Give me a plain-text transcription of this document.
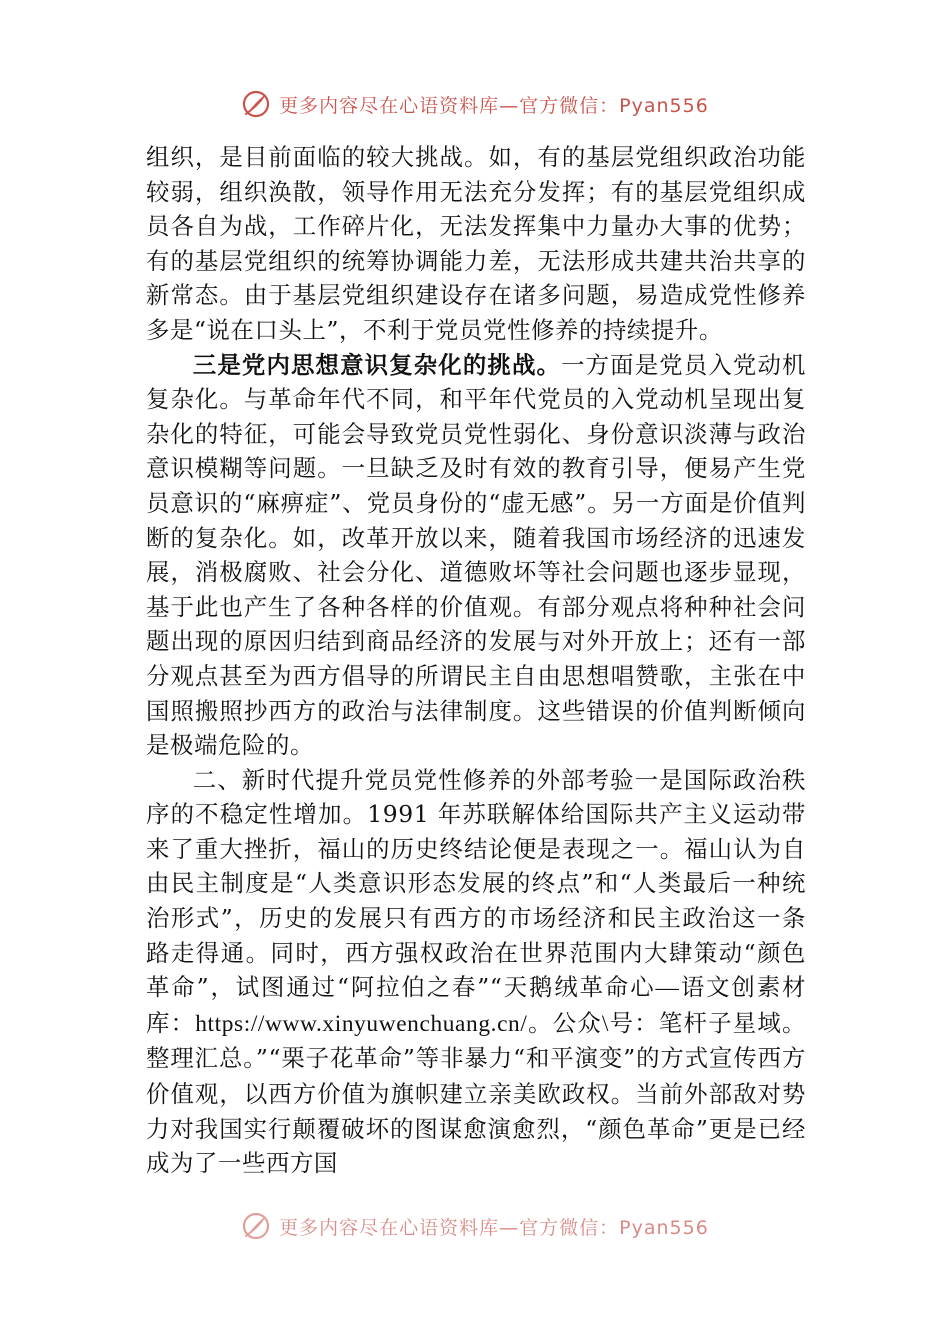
更多内容尽在心语资料库—官方微信：Pyan556

组织，是目前面临的较大挑战。如，有的基层党组织政治功能较弱，组织涣散，领导作用无法充分发挥；有的基层党组织成员各自为战，工作碎片化，无法发挥集中力量办大事的优势；有的基层党组织的统筹协调能力差，无法形成共建共治共享的新常态。由于基层党组织建设存在诸多问题，易造成党性修养多是“说在口头上”，不利于党员党性修养的持续提升。

三是党内思想意识复杂化的挑战。一方面是党员入党动机复杂化。与革命年代不同，和平年代党员的入党动机呈现出复杂化的特征，可能会导致党员党性弱化、身份意识淡薄与政治意识模糊等问题。一旦缺乏及时有效的教育引导，便易产生党员意识的“麻痹症”、党员身份的“虚无感”。另一方面是价值判断的复杂化。如，改革开放以来，随着我国市场经济的迅速发展，消极腐败、社会分化、道德败坏等社会问题也逐步显现，基于此也产生了各种各样的价值观。有部分观点将种种社会问题出现的原因归结到商品经济的发展与对外开放上；还有一部分观点甚至为西方倡导的所谓民主自由思想唱赞歌，主张在中国照搬照抄西方的政治与法律制度。这些错误的价值判断倾向是极端危险的。

二、新时代提升党员党性修养的外部考验一是国际政治秩序的不稳定性增加。1991 年苏联解体给国际共产主义运动带来了重大挫折，福山的历史终结论便是表现之一。福山认为自由民主制度是“人类意识形态发展的终点”和“人类最后一种统治形式”，历史的发展只有西方的市场经济和民主政治这一条路走得通。同时，西方强权政治在世界范围内大肆策动“颜色革命”，试图通过“阿拉伯之春”“天鹅绒革命心—语文创素材库：https://www.xinyuwenchuang.cn/。公众\号：笔杆子星域。整理汇总。”“栗子花革命”等非暴力“和平演变”的方式宣传西方价值观，以西方价值为旗帜建立亲美欧政权。当前外部敌对势力对我国实行颠覆破坏的图谋愈演愈烈，“颜色革命”更是已经成为了一些西方国

更多内容尽在心语资料库—官方微信：Pyan556
